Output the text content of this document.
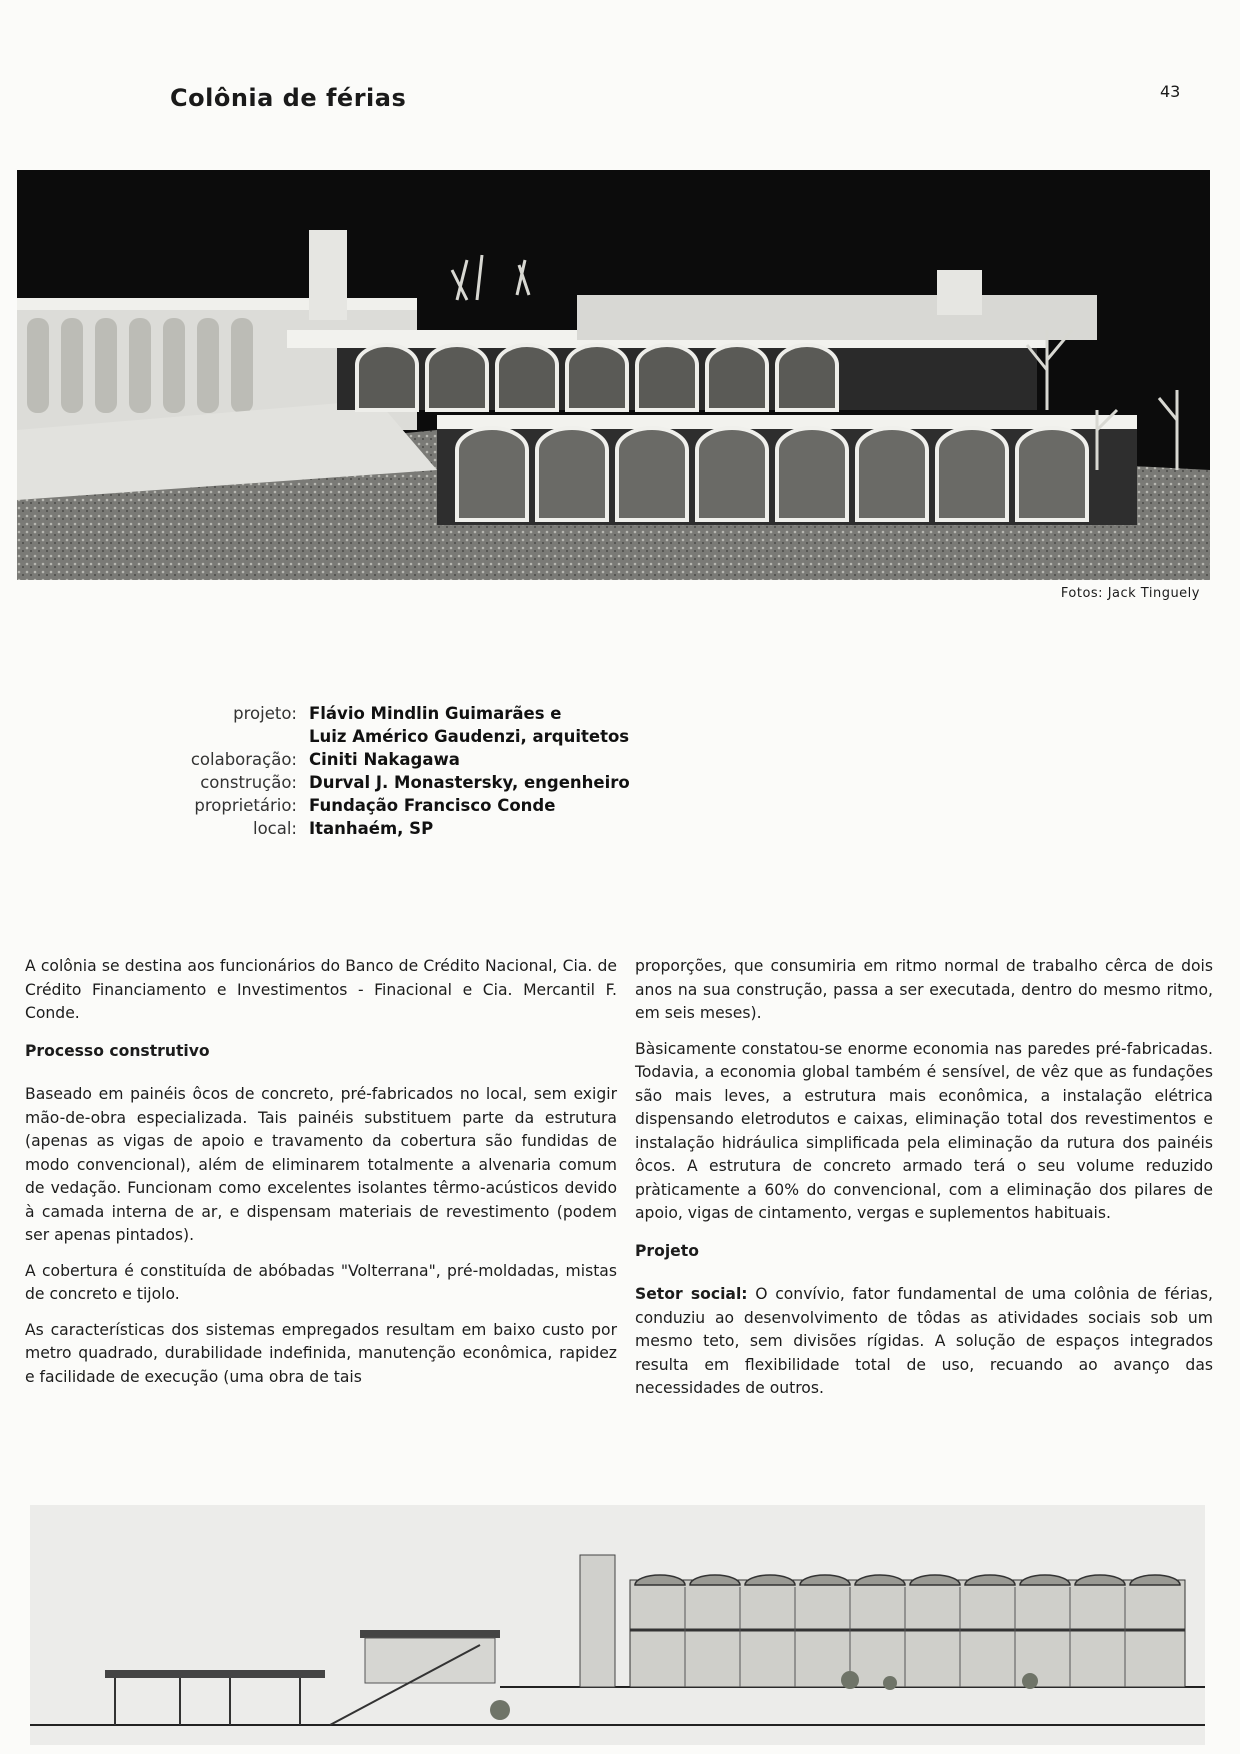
Colônia de férias	43
Fotos: Jack Tinguely
projeto: Flávio Mindlin Guimarães e
Luiz Américo Gaudenzi, arquitetos
colaboração: Ciniti Nakagawa
construção: Durval J. Monastersky, engenheiro
proprietário: Fundação Francisco Conde
local: Itanhaém, SP

A colônia se destina aos funcionários do Banco de Crédito Nacional, Cia. de Crédito Financiamento e Investimentos - Finacional e Cia. Mercantil F. Conde.

Processo construtivo

Baseado em painéis ôcos de concreto, pré-fabricados no local, sem exigir mão-de-obra especializada. Tais painéis substituem parte da estrutura (apenas as vigas de apoio e travamento da cobertura são fundidas de modo convencional), além de eliminarem totalmente a alvenaria comum de vedação. Funcionam como excelentes isolantes têrmo-acústicos devido à camada interna de ar, e dispensam materiais de revestimento (podem ser apenas pintados).

A cobertura é constituída de abóbadas "Volterrana", pré-moldadas, mistas de concreto e tijolo.

As características dos sistemas empregados resultam em baixo custo por metro quadrado, durabilidade indefinida, manutenção econômica, rapidez e facilidade de execução (uma obra de tais

proporções, que consumiria em ritmo normal de trabalho cêrca de dois anos na sua construção, passa a ser executada, dentro do mesmo ritmo, em seis meses).

Bàsicamente constatou-se enorme economia nas paredes pré-fabricadas. Todavia, a economia global também é sensível, de vêz que as fundações são mais leves, a estrutura mais econômica, a instalação elétrica dispensando eletrodutos e caixas, eliminação total dos revestimentos e instalação hidráulica simplificada pela eliminação da rutura dos painéis ôcos. A estrutura de concreto armado terá o seu volume reduzido pràticamente a 60% do convencional, com a eliminação dos pilares de apoio, vigas de cintamento, vergas e suplementos habituais.

Projeto

Setor social: O convívio, fator fundamental de uma colônia de férias, conduziu ao desenvolvimento de tôdas as atividades sociais sob um mesmo teto, sem divisões rígidas. A solução de espaços integrados resulta em flexibilidade total de uso, recuando ao avanço das necessidades de outros.
